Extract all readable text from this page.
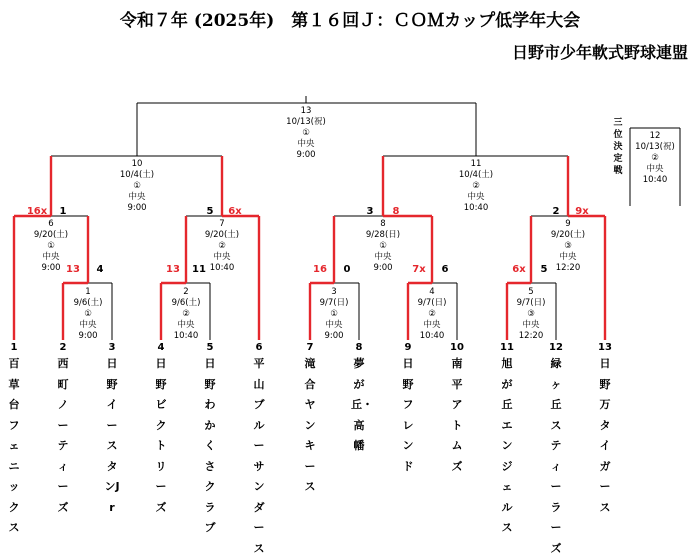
令和７年 (2025年)　第１６回Ｊ：ＣＯＭカップ低学年大会
日野市少年軟式野球連盟
三位決定戦
1
9/6(土)
①
中央
9:00
2
9/6(土)
②
中央
10:40
3
9/7(日)
①
中央
9:00
4
9/7(日)
②
中央
10:40
5
9/7(日)
③
中央
12:20
6
9/20(土)
①
中央
9:00
7
9/20(土)
②
中央
10:40
8
9/28(日)
①
中央
9:00
9
9/20(土)
③
中央
12:20
10
10/4(土)
①
中央
9:00
11
10/4(土)
②
中央
10:40
12
10/13(祝)
②
中央
10:40
13
10/13(祝)
①
中央
9:00
13 4	13 11	16 0	7x 6	6x 5
16x 1	5 6x	3 8	2 9x
1
百草台フェニックス
2
西町ノーティーズ
3
日野イースタンJr
4
日野ビクトリーズ
5
日野わかくさクラブ
6
平山ブルーサンダース
7
滝合ヤンキース
8
夢が丘・高幡
9
日野フレンド
10
南平アトムズ
11
旭が丘エンジェルス
12
緑ヶ丘スティーラーズ
13
日野万タイガース
